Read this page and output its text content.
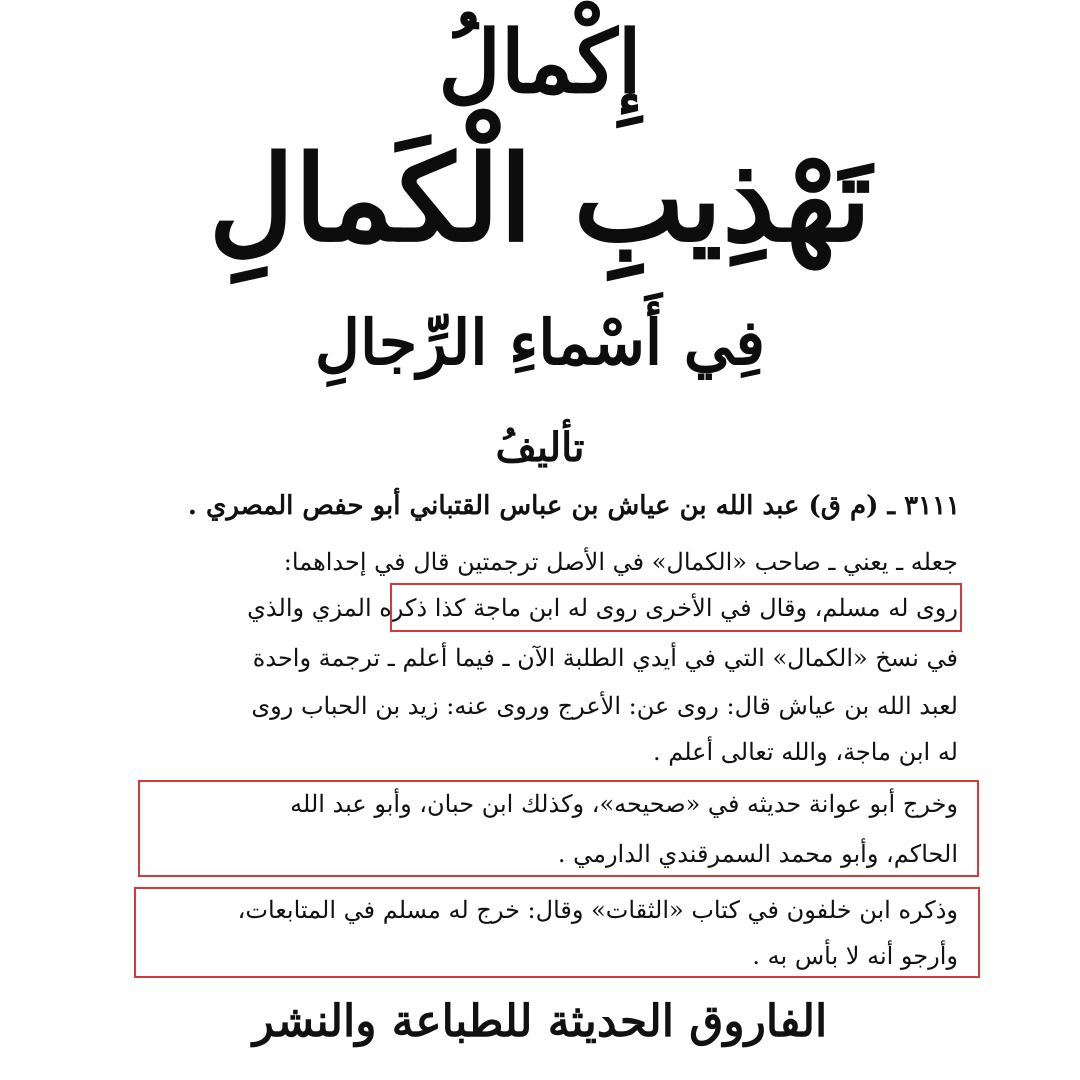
إِكْمالُ
تَهْذِيبِ الْكَمالِ
فِي أَسْماءِ الرِّجالِ
تأليفُ
٣١١١ ـ (م ق) عبد الله بن عياش بن عباس القتباني أبو حفص المصري .
جعله ـ يعني ـ صاحب «الكمال» في الأصل ترجمتين قال في إحداهما:
روى له مسلم، وقال في الأخرى روى له ابن ماجة كذا ذكره المزي والذي
في نسخ «الكمال» التي في أيدي الطلبة الآن ـ فيما أعلم ـ ترجمة واحدة
لعبد الله بن عياش قال: روى عن: الأعرج وروى عنه: زيد بن الحباب روى
له ابن ماجة، والله تعالى أعلم .
وخرج أبو عوانة حديثه في «صحيحه»، وكذلك ابن حبان، وأبو عبد الله
الحاكم، وأبو محمد السمرقندي الدارمي .
وذكره ابن خلفون في كتاب «الثقات» وقال: خرج له مسلم في المتابعات،
وأرجو أنه لا بأس به .
الفاروق الحديثة للطباعة والنشر
